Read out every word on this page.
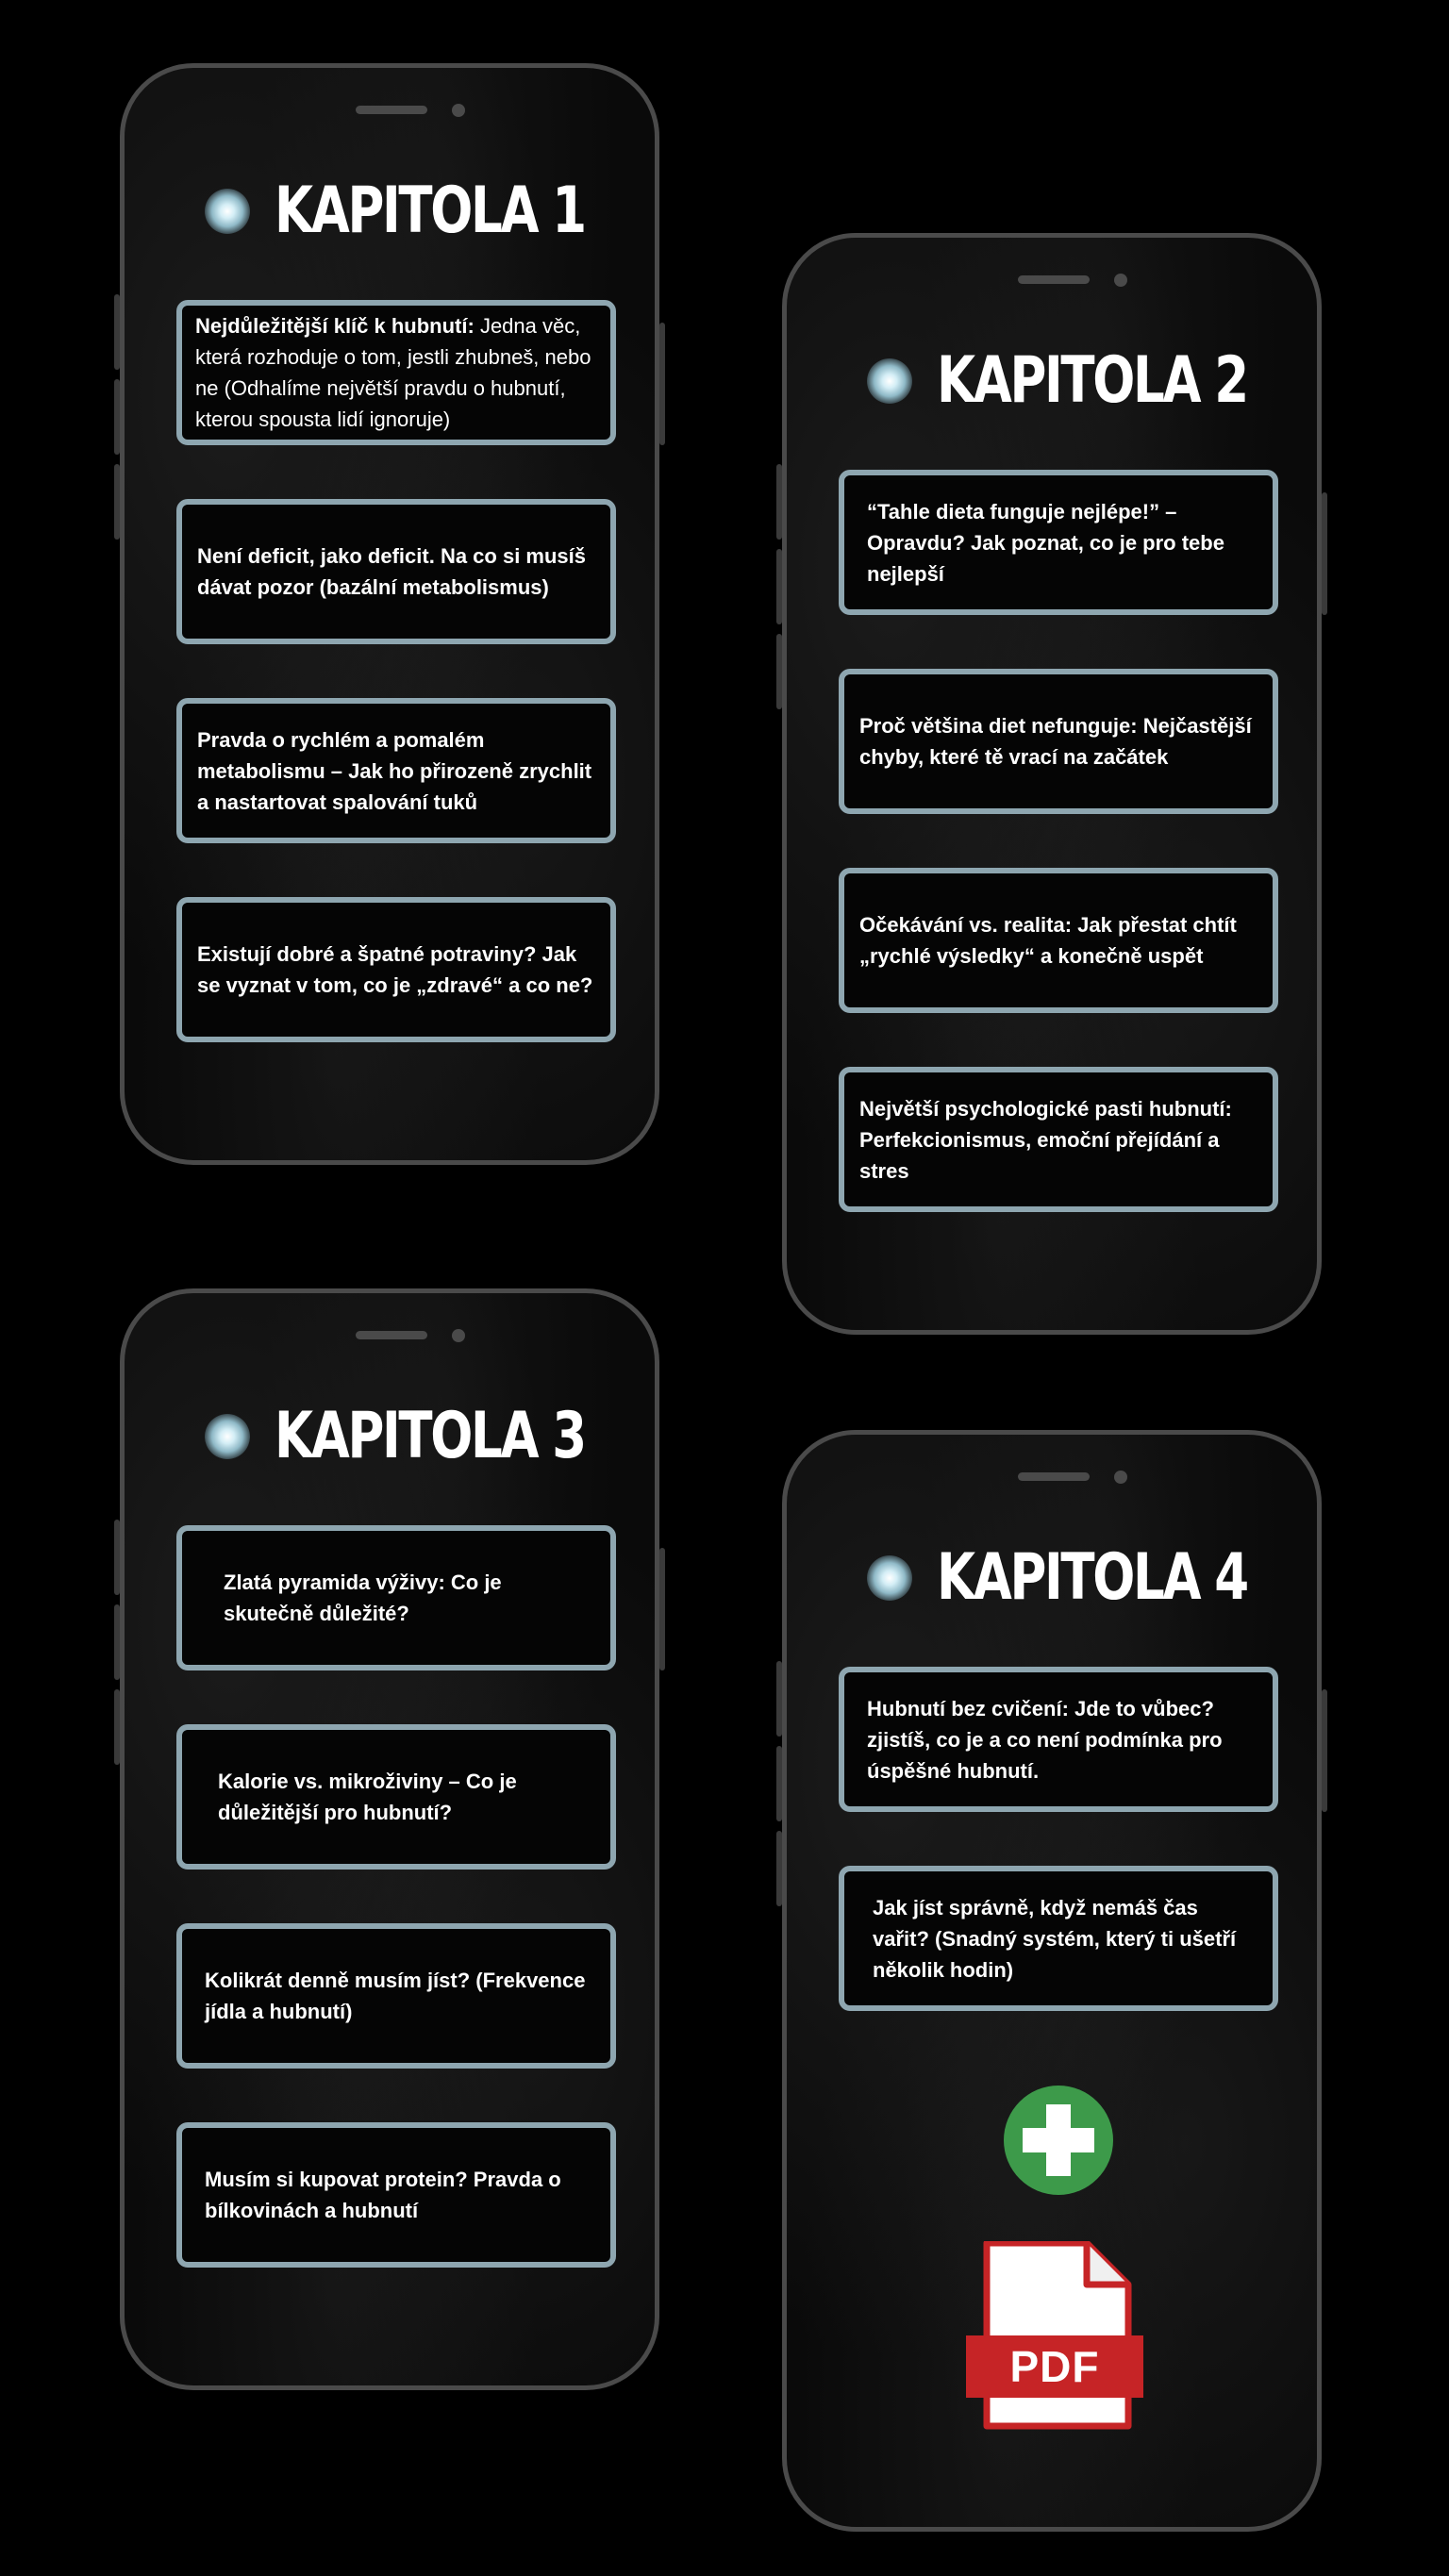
KAPITOLA 1
Nejdůležitější klíč k hubnutí: Jedna věc, která rozhoduje o tom, jestli zhubneš, nebo ne (Odhalíme největší pravdu o hubnutí, kterou spousta lidí ignoruje)
Není deficit, jako deficit. Na co si musíš dávat pozor (bazální metabolismus)
Pravda o rychlém a pomalém metabolismu – Jak ho přirozeně zrychlit a nastartovat spalování tuků
Existují dobré a špatné potraviny? Jak se vyznat v tom, co je „zdravé“ a co ne?
KAPITOLA 2
“Tahle dieta funguje nejlépe!” – Opravdu? Jak poznat, co je pro tebe nejlepší
Proč většina diet nefunguje: Nejčastější chyby, které tě vrací na začátek
Očekávání vs. realita: Jak přestat chtít „rychlé výsledky“ a konečně uspět
Největší psychologické pasti hubnutí: Perfekcionismus, emoční přejídání a stres
KAPITOLA 3
Zlatá pyramida výživy: Co je skutečně důležité?
Kalorie vs. mikroživiny – Co je důležitější pro hubnutí?
Kolikrát denně musím jíst? (Frekvence jídla a hubnutí)
Musím si kupovat protein? Pravda o bílkovinách a hubnutí
KAPITOLA 4
Hubnutí bez cvičení: Jde to vůbec? zjistíš, co je a co není podmínka pro úspěšné hubnutí.
Jak jíst správně, když nemáš čas vařit? (Snadný systém, který ti ušetří několik hodin)
PDF
